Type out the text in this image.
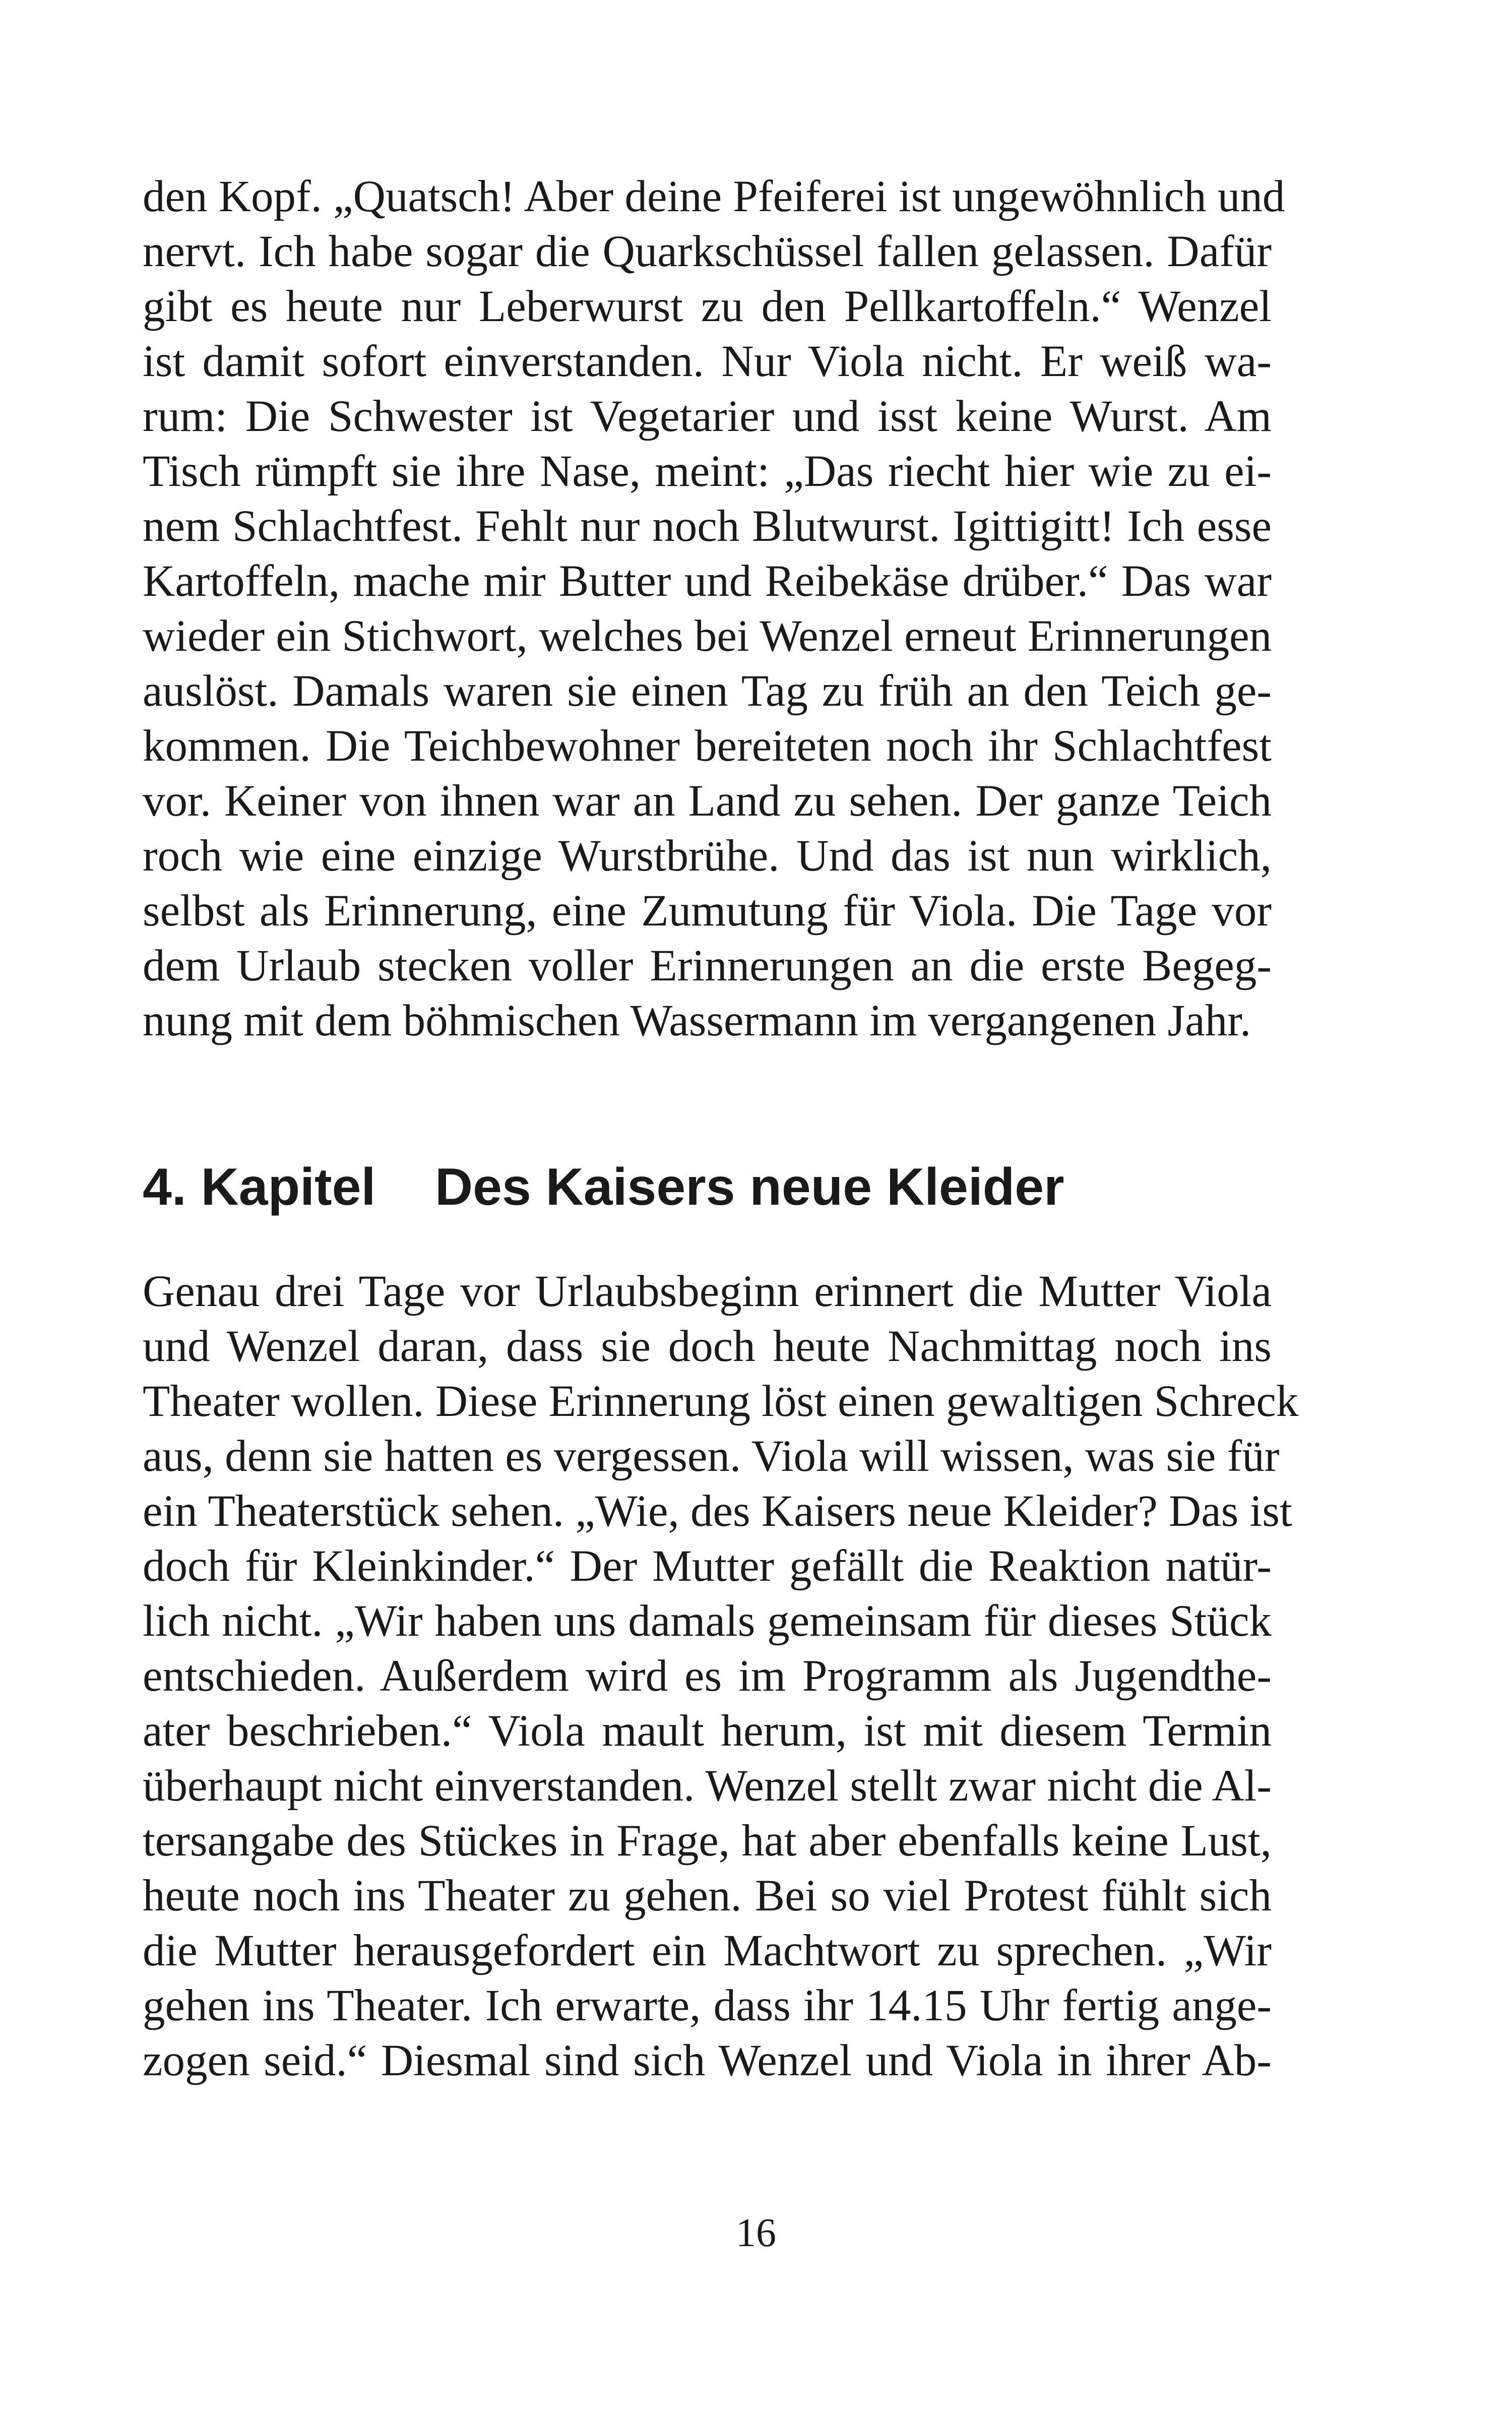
den Kopf. „Quatsch! Aber deine Pfeiferei ist ungewöhnlich und
nervt. Ich habe sogar die Quarkschüssel fallen gelassen. Dafür
gibt es heute nur Leberwurst zu den Pellkartoffeln.“ Wenzel
ist damit sofort einverstanden. Nur Viola nicht. Er weiß wa-
rum: Die Schwester ist Vegetarier und isst keine Wurst. Am
Tisch rümpft sie ihre Nase, meint: „Das riecht hier wie zu ei-
nem Schlachtfest. Fehlt nur noch Blutwurst. Igittigitt! Ich esse
Kartoffeln, mache mir Butter und Reibekäse drüber.“ Das war
wieder ein Stichwort, welches bei Wenzel erneut Erinnerungen
auslöst. Damals waren sie einen Tag zu früh an den Teich ge-
kommen. Die Teichbewohner bereiteten noch ihr Schlachtfest
vor. Keiner von ihnen war an Land zu sehen. Der ganze Teich
roch wie eine einzige Wurstbrühe. Und das ist nun wirklich,
selbst als Erinnerung, eine Zumutung für Viola. Die Tage vor
dem Urlaub stecken voller Erinnerungen an die erste Begeg-
nung mit dem böhmischen Wassermann im vergangenen Jahr.
4. Kapitel Des Kaisers neue Kleider
Genau drei Tage vor Urlaubsbeginn erinnert die Mutter Viola
und Wenzel daran, dass sie doch heute Nachmittag noch ins
Theater wollen. Diese Erinnerung löst einen gewaltigen Schreck
aus, denn sie hatten es vergessen. Viola will wissen, was sie für
ein Theaterstück sehen. „Wie, des Kaisers neue Kleider? Das ist
doch für Kleinkinder.“ Der Mutter gefällt die Reaktion natür-
lich nicht. „Wir haben uns damals gemeinsam für dieses Stück
entschieden. Außerdem wird es im Programm als Jugendthe-
ater beschrieben.“ Viola mault herum, ist mit diesem Termin
überhaupt nicht einverstanden. Wenzel stellt zwar nicht die Al-
tersangabe des Stückes in Frage, hat aber ebenfalls keine Lust,
heute noch ins Theater zu gehen. Bei so viel Protest fühlt sich
die Mutter herausgefordert ein Machtwort zu sprechen. „Wir
gehen ins Theater. Ich erwarte, dass ihr 14.15 Uhr fertig ange-
zogen seid.“ Diesmal sind sich Wenzel und Viola in ihrer Ab-
16
